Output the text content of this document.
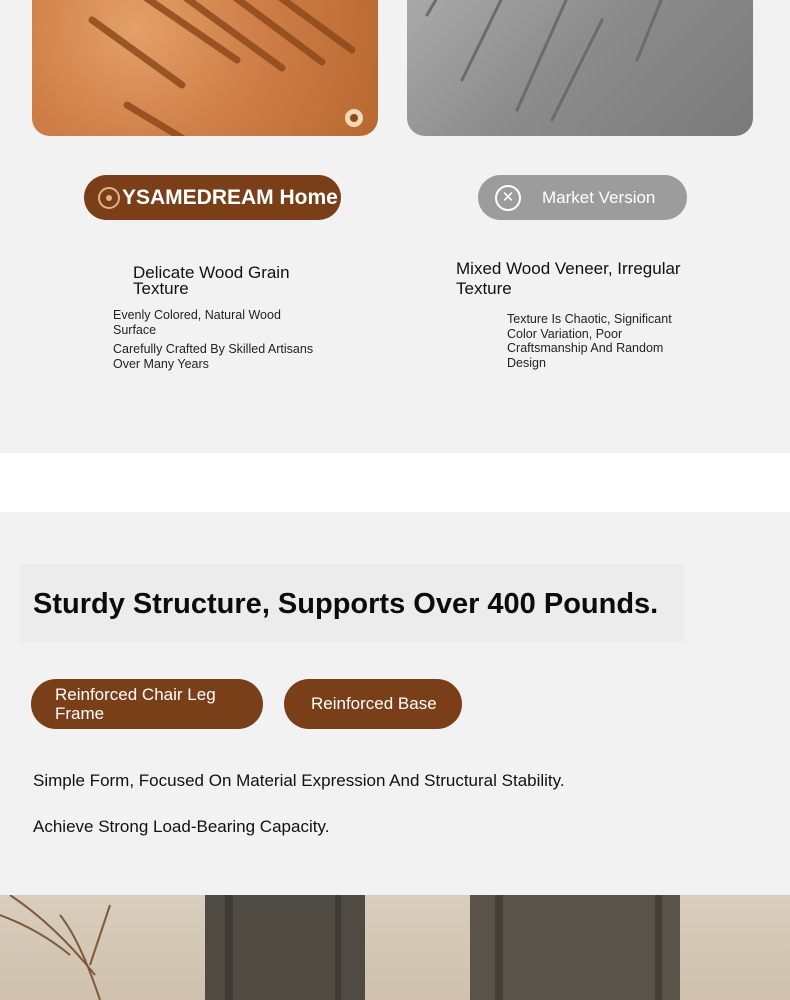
YSAMEDREAM Home	✕	Market Version
Delicate Wood Grain Texture
Evenly Colored, Natural Wood Surface
Carefully Crafted By Skilled Artisans Over Many Years
Mixed Wood Veneer, Irregular Texture
Texture Is Chaotic, Significant Color Variation, Poor Craftsmanship And Random Design
Sturdy Structure, Supports Over 400 Pounds.
Reinforced Chair Leg Frame
Reinforced Base

Simple Form, Focused On Material Expression And Structural Stability.

Achieve Strong Load-Bearing Capacity.
